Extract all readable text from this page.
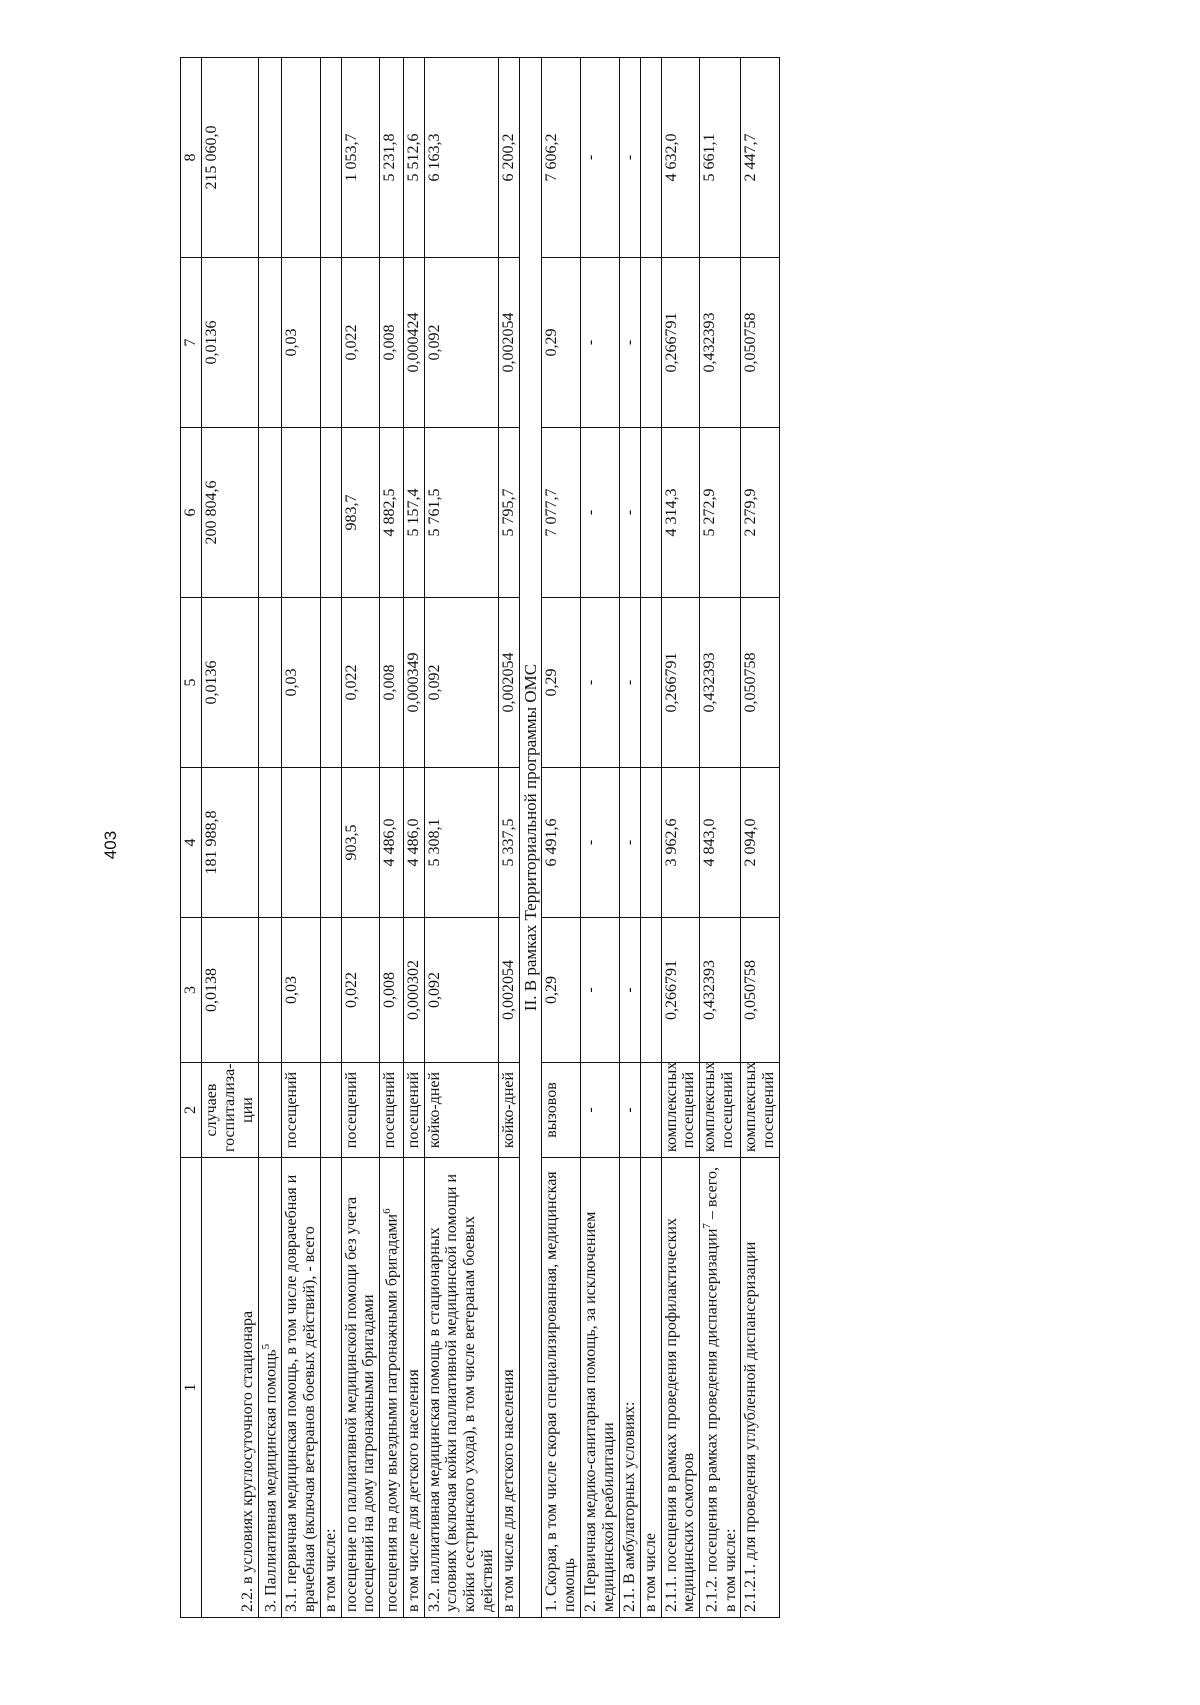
403
1	2	3	4	5	6	7	8
2.2. в условиях круглосуточного стационара	случаев госпитализа-ции	0,0138	181 988,8	0,0136	200 804,6	0,0136	215 060,0
3. Паллиативная медицинская помощь$^5$							
3.1. первичная медицинская помощь, в том числе доврачебная и врачебная (включая ветеранов боевых действий), - всего	посещений	0,03		0,03		0,03	
в том числе:							
посещение по паллиативной медицинской помощи без учета посещений на дому патронажными бригадами	посещений	0,022	903,5	0,022	983,7	0,022	1 053,7
посещения на дому выездными патронажными бригадами$^6$	посещений	0,008	4 486,0	0,008	4 882,5	0,008	5 231,8
в том числе для детского населения	посещений	0,000302	4 486,0	0,000349	5 157,4	0,000424	5 512,6
3.2. паллиативная медицинская помощь в стационарных условиях (включая койки паллиативной медицинской помощи и койки сестринского ухода), в том числе ветеранам боевых действий	койко-дней	0,092	5 308,1	0,092	5 761,5	0,092	6 163,3
в том числе для детского населения	койко-дней	0,002054	5 337,5	0,002054	5 795,7	0,002054	6 200,2
II. В рамках Территориальной программы ОМС							
1. Скорая, в том числе скорая специализированная, медицинская помощь	вызовов	0,29	6 491,6	0,29	7 077,7	0,29	7 606,2
2. Первичная медико-санитарная помощь, за исключением медицинской реабилитации	-	-	-	-	-	-	-
2.1. В амбулаторных условиях:	-	-	-	-	-	-	-
в том числе							
2.1.1. посещения в рамках проведения профилактических медицинских осмотров	комплексных посещений	0,266791	3 962,6	0,266791	4 314,3	0,266791	4 632,0
2.1.2. посещения в рамках проведения диспансеризации$^7$ – всего, в том числе:	комплексных посещений	0,432393	4 843,0	0,432393	5 272,9	0,432393	5 661,1
2.1.2.1. для проведения углубленной диспансеризации	комплексных посещений	0,050758	2 094,0	0,050758	2 279,9	0,050758	2 447,7
